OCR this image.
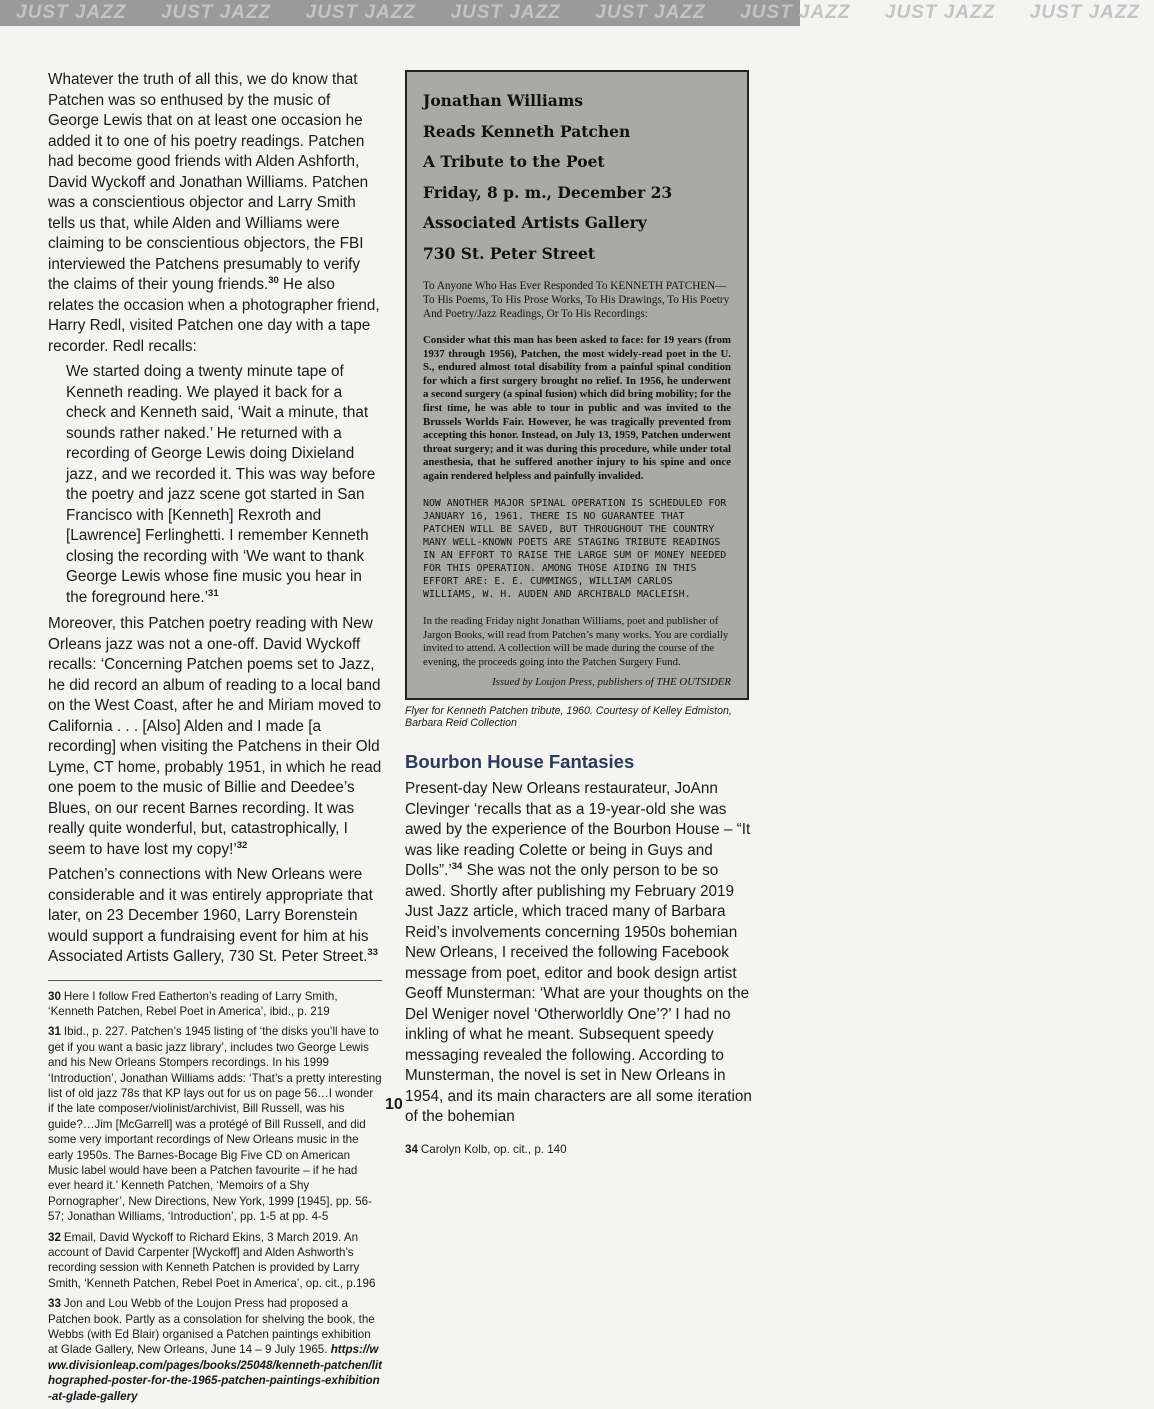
JUST JAZZ JUST JAZZ JUST JAZZ JUST JAZZ JUST JAZZ JUST JAZZ JUST JAZZ JUST JAZZ

Whatever the truth of all this, we do know that Patchen was so enthused by the music of George Lewis that on at least one occasion he added it to one of his poetry readings. Patchen had become good friends with Alden Ashforth, David Wyckoff and Jonathan Williams. Patchen was a conscientious objector and Larry Smith tells us that, while Alden and Williams were claiming to be conscientious objectors, the FBI interviewed the Patchens presumably to verify the claims of their young friends.$^{30}$ He also relates the occasion when a photographer friend, Harry Redl, visited Patchen one day with a tape recorder. Redl recalls:

We started doing a twenty minute tape of Kenneth reading. We played it back for a check and Kenneth said, ‘Wait a minute, that sounds rather naked.’ He returned with a recording of George Lewis doing Dixieland jazz, and we recorded it. This was way before the poetry and jazz scene got started in San Francisco with [Kenneth] Rexroth and [Lawrence] Ferlinghetti. I remember Kenneth closing the recording with ‘We want to thank George Lewis whose fine music you hear in the foreground here.’$^{31}$

Moreover, this Patchen poetry reading with New Orleans jazz was not a one-off. David Wyckoff recalls: ‘Concerning Patchen poems set to Jazz, he did record an album of reading to a local band on the West Coast, after he and Miriam moved to California . . . [Also] Alden and I made [a recording] when visiting the Patchens in their Old Lyme, CT home, probably 1951, in which he read one poem to the music of Billie and Deedee’s Blues, on our recent Barnes recording. It was really quite wonderful, but, catastrophically, I seem to have lost my copy!’$^{32}$

Patchen’s connections with New Orleans were considerable and it was entirely appropriate that later, on 23 December 1960, Larry Borenstein would support a fundraising event for him at his Associated Artists Gallery, 730 St. Peter Street.$^{33}$

30 Here I follow Fred Eatherton’s reading of Larry Smith, ‘Kenneth Patchen, Rebel Poet in America’, ibid., p. 219

31 Ibid., p. 227. Patchen’s 1945 listing of ‘the disks you’ll have to get if you want a basic jazz library’, includes two George Lewis and his New Orleans Stompers recordings. In his 1999 ‘Introduction’, Jonathan Williams adds: ‘That’s a pretty interesting list of old jazz 78s that KP lays out for us on page 56…I wonder if the late composer/violinist/archivist, Bill Russell, was his guide?…Jim [McGarrell] was a protégé of Bill Russell, and did some very important recordings of New Orleans music in the early 1950s. The Barnes-Bocage Big Five CD on American Music label would have been a Patchen favourite – if he had ever heard it.’ Kenneth Patchen, ‘Memoirs of a Shy Pornographer’, New Directions, New York, 1999 [1945], pp. 56-57; Jonathan Williams, ‘Introduction’, pp. 1-5 at pp. 4-5

32 Email, David Wyckoff to Richard Ekins, 3 March 2019. An account of David Carpenter [Wyckoff] and Alden Ashworth’s recording session with Kenneth Patchen is provided by Larry Smith, ‘Kenneth Patchen, Rebel Poet in America’, op. cit., p.196

33 Jon and Lou Webb of the Loujon Press had proposed a Patchen book. Partly as a consolation for shelving the book, the Webbs (with Ed Blair) organised a Patchen paintings exhibition at Glade Gallery, New Orleans, June 14 – 9 July 1965. https://www.divisionleap.com/pages/books/25048/kenneth-patchen/lithographed-poster-for-the-1965-patchen-paintings-exhibition-at-glade-gallery

Jonathan Williams
Reads Kenneth Patchen
A Tribute to the Poet
Friday, 8 p. m., December 23
Associated Artists Gallery
730 St. Peter Street
To Anyone Who Has Ever Responded To KENNETH PATCHEN— To His Poems, To His Prose Works, To His Drawings, To His Poetry And Poetry/Jazz Readings, Or To His Recordings:
Consider what this man has been asked to face: for 19 years (from 1937 through 1956), Patchen, the most widely-read poet in the U. S., endured almost total disability from a painful spinal condition for which a first surgery brought no relief. In 1956, he underwent a second surgery (a spinal fusion) which did bring mobility; for the first time, he was able to tour in public and was invited to the Brussels Worlds Fair. However, he was tragically prevented from accepting this honor. Instead, on July 13, 1959, Patchen underwent throat surgery; and it was during this procedure, while under total anesthesia, that he suffered another injury to his spine and once again rendered helpless and painfully invalided.
NOW ANOTHER MAJOR SPINAL OPERATION IS SCHEDULED FOR JANUARY 16, 1961. THERE IS NO GUARANTEE THAT PATCHEN WILL BE SAVED, BUT THROUGHOUT THE COUNTRY MANY WELL-KNOWN POETS ARE STAGING TRIBUTE READINGS IN AN EFFORT TO RAISE THE LARGE SUM OF MONEY NEEDED FOR THIS OPERATION. AMONG THOSE AIDING IN THIS EFFORT ARE: E. E. CUMMINGS, WILLIAM CARLOS WILLIAMS, W. H. AUDEN AND ARCHIBALD MACLEISH.
In the reading Friday night Jonathan Williams, poet and publisher of Jargon Books, will read from Patchen’s many works. You are cordially invited to attend. A collection will be made during the course of the evening, the proceeds going into the Patchen Surgery Fund.
Issued by Loujon Press, publishers of THE OUTSIDER
Flyer for Kenneth Patchen tribute, 1960. Courtesy of Kelley Edmiston, Barbara Reid Collection
Bourbon House Fantasies

Present-day New Orleans restaurateur, JoAnn Clevinger ‘recalls that as a 19-year-old she was awed by the experience of the Bourbon House – “It was like reading Colette or being in Guys and Dolls”.’$^{34}$ She was not the only person to be so awed. Shortly after publishing my February 2019 Just Jazz article, which traced many of Barbara Reid’s involvements concerning 1950s bohemian New Orleans, I received the following Facebook message from poet, editor and book design artist Geoff Munsterman: ‘What are your thoughts on the Del Weniger novel ‘Otherworldly One’?’ I had no inkling of what he meant. Subsequent speedy messaging revealed the following. According to Munsterman, the novel is set in New Orleans in 1954, and its main characters are all some iteration of the bohemian

34 Carolyn Kolb, op. cit., p. 140

10
